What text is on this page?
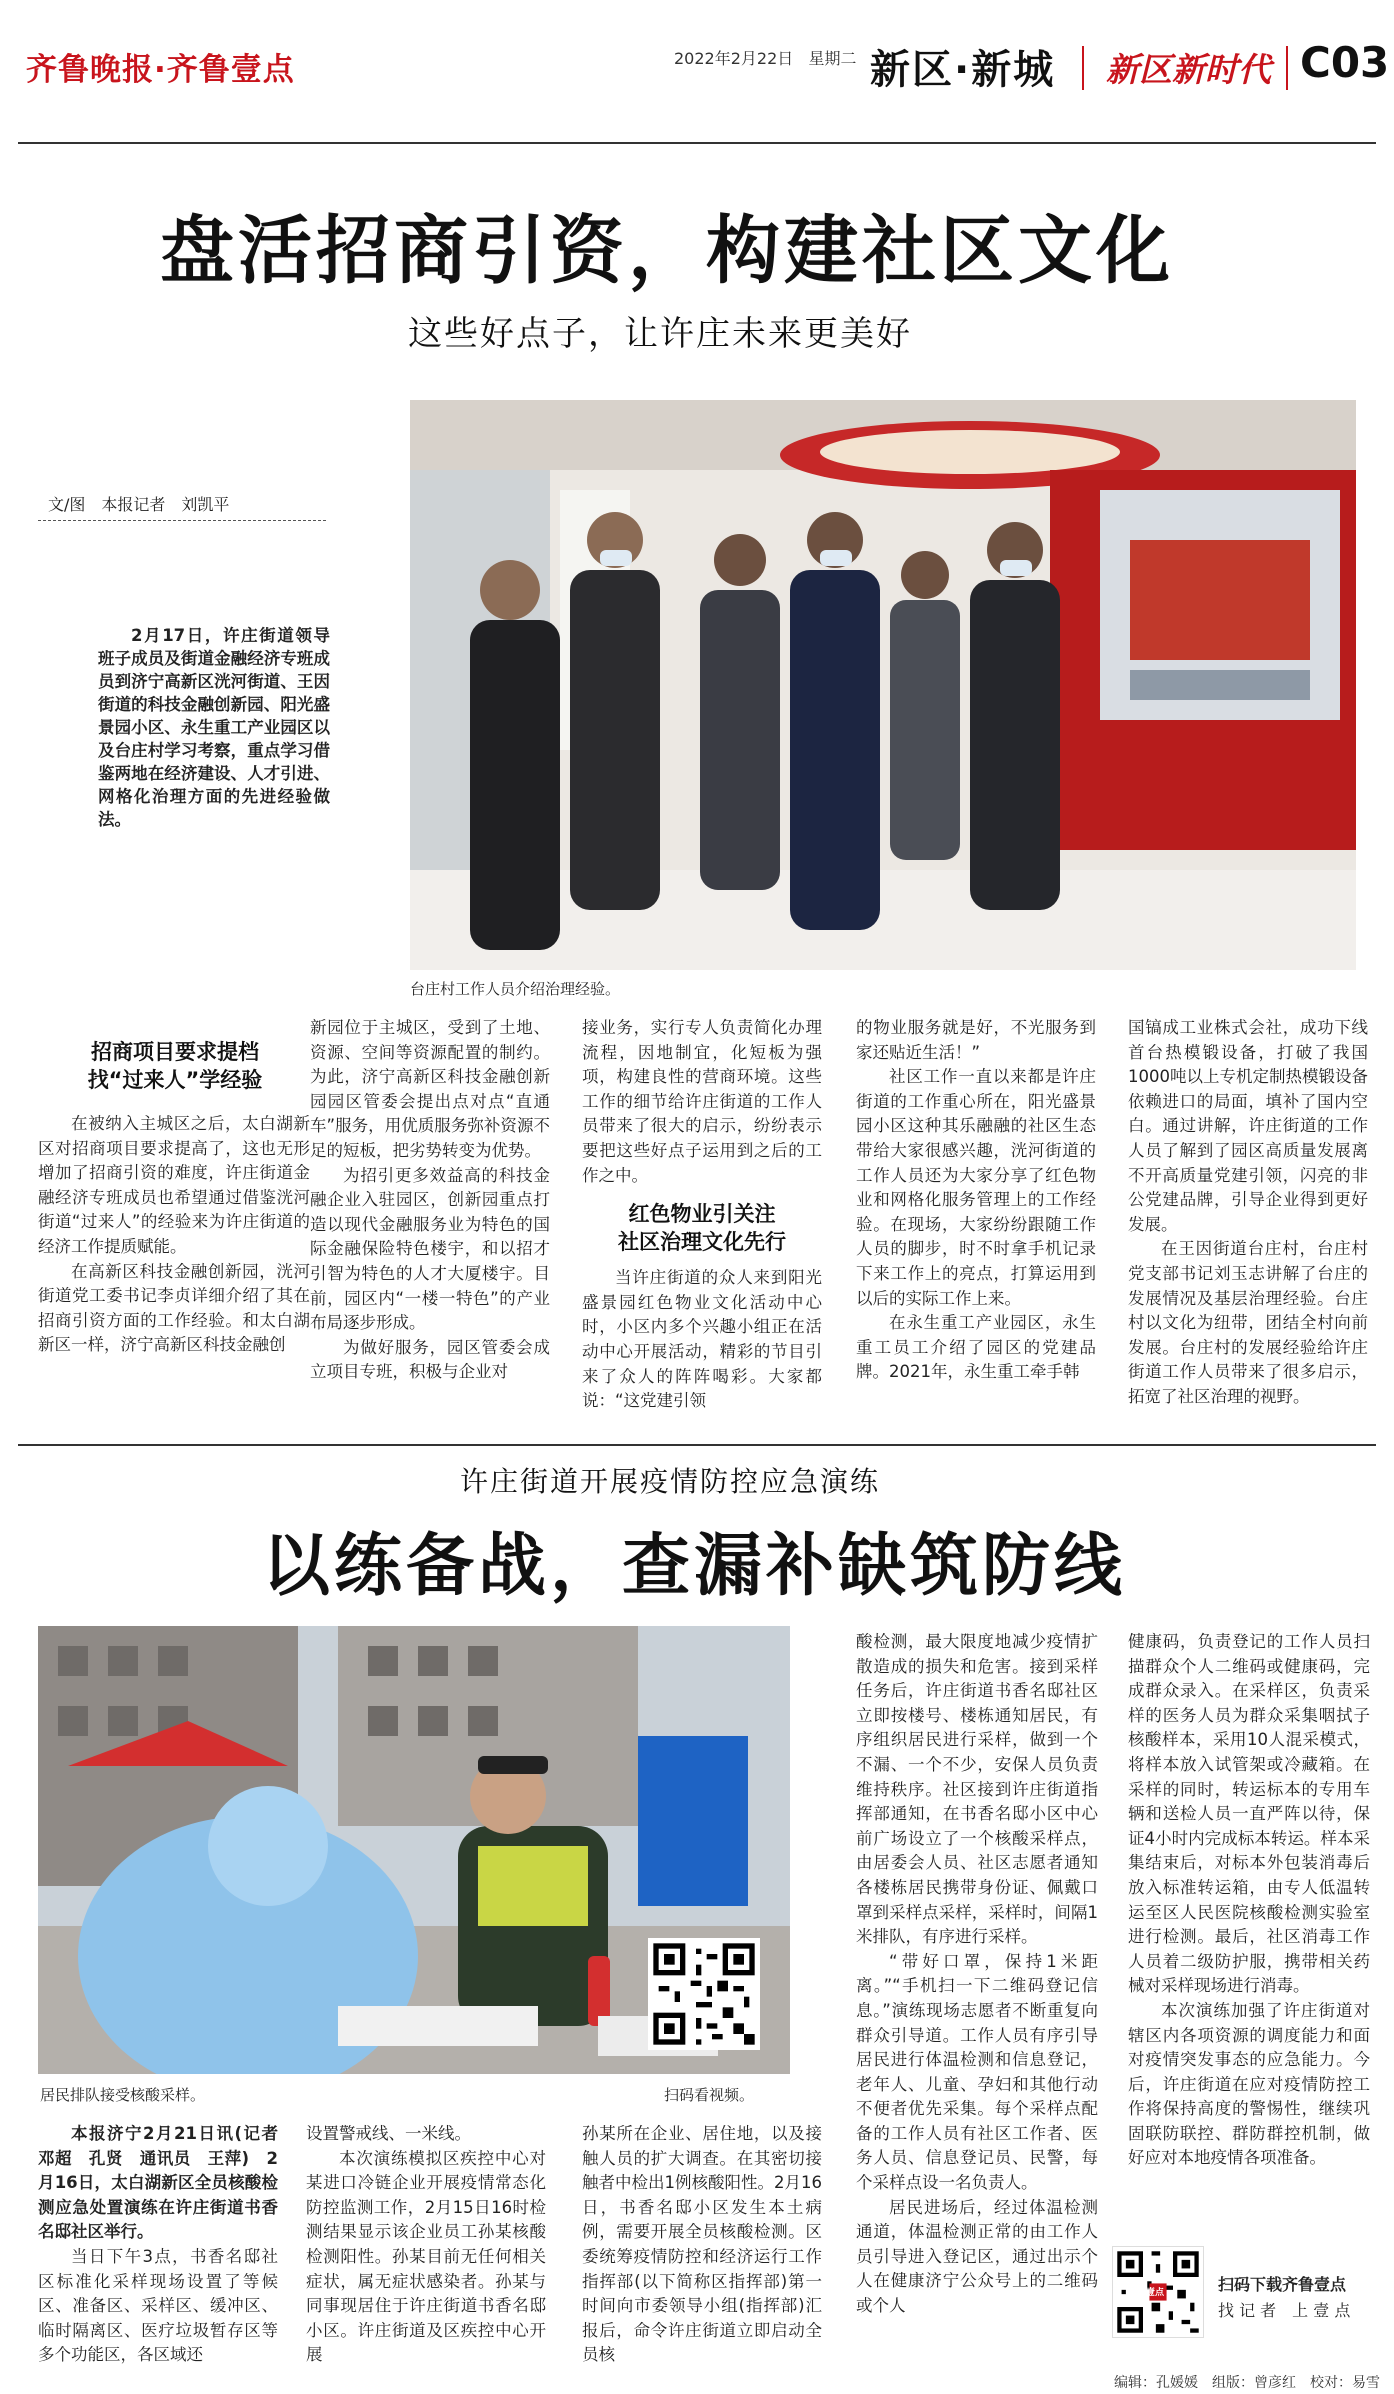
齐鲁晚报·齐鲁壹点	2022年2月22日 星期二 新区·新城 新区新时代 C03
盘活招商引资，构建社区文化
这些好点子，让许庄未来更美好
文/图　本报记者　刘凯平
2月17日，许庄街道领导班子成员及街道金融经济专班成员到济宁高新区洸河街道、王因街道的科技金融创新园、阳光盛景园小区、永生重工产业园区以及台庄村学习考察，重点学习借鉴两地在经济建设、人才引进、网格化治理方面的先进经验做法。
台庄村工作人员介绍治理经验。
招商项目要求提档
找“过来人”学经验

在被纳入主城区之后，太白湖新区对招商项目要求提高了，这也无形增加了招商引资的难度，许庄街道金融经济专班成员也希望通过借鉴洸河街道“过来人”的经验来为许庄街道的经济工作提质赋能。

在高新区科技金融创新园，洸河街道党工委书记李贞详细介绍了其在招商引资方面的工作经验。和太白湖新区一样，济宁高新区科技金融创

新园位于主城区，受到了土地、资源、空间等资源配置的制约。为此，济宁高新区科技金融创新园园区管委会提出点对点“直通车”服务，用优质服务弥补资源不足的短板，把劣势转变为优势。

为招引更多效益高的科技金融企业入驻园区，创新园重点打造以现代金融服务业为特色的国际金融保险特色楼宇，和以招才引智为特色的人才大厦楼宇。目前，园区内“一楼一特色”的产业布局逐步形成。

为做好服务，园区管委会成立项目专班，积极与企业对

接业务，实行专人负责简化办理流程，因地制宜，化短板为强项，构建良性的营商环境。这些工作的细节给许庄街道的工作人员带来了很大的启示，纷纷表示要把这些好点子运用到之后的工作之中。

红色物业引关注
社区治理文化先行

当许庄街道的众人来到阳光盛景园红色物业文化活动中心时，小区内多个兴趣小组正在活动中心开展活动，精彩的节目引来了众人的阵阵喝彩。大家都说：“这党建引领

的物业服务就是好，不光服务到家还贴近生活！”

社区工作一直以来都是许庄街道的工作重心所在，阳光盛景园小区这种其乐融融的社区生态带给大家很感兴趣，洸河街道的工作人员还为大家分享了红色物业和网格化服务管理上的工作经验。在现场，大家纷纷跟随工作人员的脚步，时不时拿手机记录下来工作上的亮点，打算运用到以后的实际工作上来。

在永生重工产业园区，永生重工员工介绍了园区的党建品牌。2021年，永生重工牵手韩

国镐成工业株式会社，成功下线首台热模锻设备，打破了我国1000吨以上专机定制热模锻设备依赖进口的局面，填补了国内空白。通过讲解，许庄街道的工作人员了解到了园区高质量发展离不开高质量党建引领，闪亮的非公党建品牌，引导企业得到更好发展。

在王因街道台庄村，台庄村党支部书记刘玉志讲解了台庄的发展情况及基层治理经验。台庄村以文化为纽带，团结全村向前发展。台庄村的发展经验给许庄街道工作人员带来了很多启示，拓宽了社区治理的视野。

许庄街道开展疫情防控应急演练
以练备战，查漏补缺筑防线
居民排队接受核酸采样。	扫码看视频。

本报济宁2月21日讯(记者　邓超　孔贤　通讯员　王萍)　2月16日，太白湖新区全员核酸检测应急处置演练在许庄街道书香名邸社区举行。

当日下午3点，书香名邸社区标准化采样现场设置了等候区、准备区、采样区、缓冲区、临时隔离区、医疗垃圾暂存区等多个功能区，各区域还

设置警戒线、一米线。

本次演练模拟区疾控中心对某进口冷链企业开展疫情常态化防控监测工作，2月15日16时检测结果显示该企业员工孙某核酸检测阳性。孙某目前无任何相关症状，属无症状感染者。孙某与同事现居住于许庄街道书香名邸小区。许庄街道及区疾控中心开展

孙某所在企业、居住地，以及接触人员的扩大调查。在其密切接触者中检出1例核酸阳性。2月16日，书香名邸小区发生本土病例，需要开展全员核酸检测。区委统筹疫情防控和经济运行工作指挥部(以下简称区指挥部)第一时间向市委领导小组(指挥部)汇报后，命令许庄街道立即启动全员核

酸检测，最大限度地减少疫情扩散造成的损失和危害。接到采样任务后，许庄街道书香名邸社区立即按楼号、楼栋通知居民，有序组织居民进行采样，做到一个不漏、一个不少，安保人员负责维持秩序。社区接到许庄街道指挥部通知，在书香名邸小区中心前广场设立了一个核酸采样点，由居委会人员、社区志愿者通知各楼栋居民携带身份证、佩戴口罩到采样点采样，采样时，间隔1米排队，有序进行采样。

“带好口罩，保持1米距离。”“手机扫一下二维码登记信息。”演练现场志愿者不断重复向群众引导道。工作人员有序引导居民进行体温检测和信息登记，老年人、儿童、孕妇和其他行动不便者优先采集。每个采样点配备的工作人员有社区工作者、医务人员、信息登记员、民警，每个采样点设一名负责人。

居民进场后，经过体温检测通道，体温检测正常的由工作人员引导进入登记区，通过出示个人在健康济宁公众号上的二维码或个人

健康码，负责登记的工作人员扫描群众个人二维码或健康码，完成群众录入。在采样区，负责采样的医务人员为群众采集咽拭子核酸样本，采用10人混采模式，将样本放入试管架或冷藏箱。在采样的同时，转运标本的专用车辆和送检人员一直严阵以待，保证4小时内完成标本转运。样本采集结束后，对标本外包装消毒后放入标准转运箱，由专人低温转运至区人民医院核酸检测实验室进行检测。最后，社区消毒工作人员着二级防护服，携带相关药械对采样现场进行消毒。

本次演练加强了许庄街道对辖区内各项资源的调度能力和面对疫情突发事态的应急能力。今后，许庄街道在应对疫情防控工作将保持高度的警惕性，继续巩固联防联控、群防群控机制，做好应对本地疫情各项准备。

壹点	扫码下载齐鲁壹点
找 记 者　上 壹 点
编辑：孔媛媛　组版：曾彦红　校对：易雪
